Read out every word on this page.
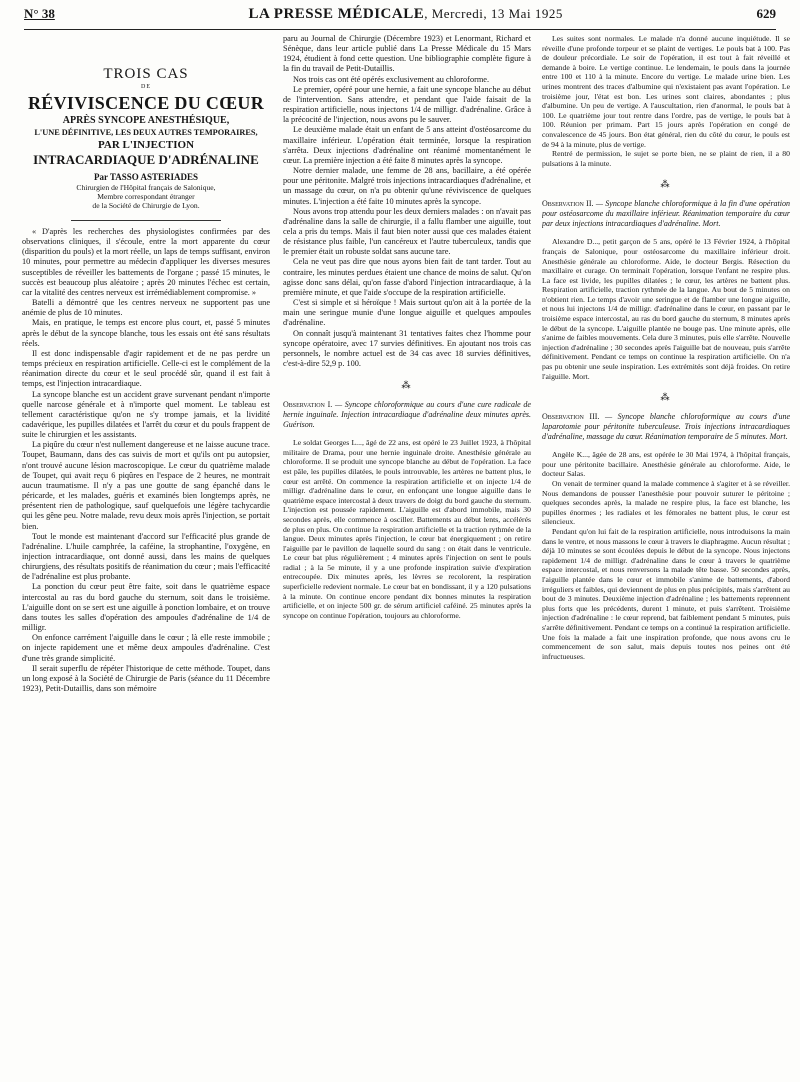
N° 38	LA PRESSE MÉDICALE, Mercredi, 13 Mai 1925	629
TROIS CAS
DE
RÉVIVISCENCE DU CŒUR
APRÈS SYNCOPE ANESTHÉSIQUE,
L'UNE DÉFINITIVE, LES DEUX AUTRES TEMPORAIRES,
PAR L'INJECTION
INTRACARDIAQUE D'ADRÉNALINE
Par TASSO ASTERIADES
Chirurgien de l'Hôpital français de Salonique,
Membre correspondant étranger
de la Société de Chirurgie de Lyon.

« D'après les recherches des physiologistes confirmées par des observations cliniques, il s'écoule, entre la mort apparente du cœur (disparition du pouls) et la mort réelle, un laps de temps suffisant, environ 10 minutes, pour permettre au médecin d'appliquer les diverses mesures susceptibles de réveiller les battements de l'organe ; passé 15 minutes, le succès est beaucoup plus aléatoire ; après 20 minutes l'échec est certain, car la vitalité des centres nerveux est irrémédiablement compromise. »

Batelli a démontré que les centres nerveux ne supportent pas une anémie de plus de 10 minutes.

Mais, en pratique, le temps est encore plus court, et, passé 5 minutes après le début de la syncope blanche, tous les essais ont été sans résultats réels.

Il est donc indispensable d'agir rapidement et de ne pas perdre un temps précieux en respiration artificielle. Celle-ci est le complément de la réanimation directe du cœur et le seul procédé sûr, quand il est fait à temps, est l'injection intracardiaque.

La syncope blanche est un accident grave survenant pendant n'importe quelle narcose générale et à n'importe quel moment. Le tableau est tellement caractéristique qu'on ne s'y trompe jamais, et la lividité cadavérique, les pupilles dilatées et l'arrêt du cœur et du pouls frappent de suite le chirurgien et les assistants.

La piqûre du cœur n'est nullement dangereuse et ne laisse aucune trace. Toupet, Baumann, dans des cas suivis de mort et qu'ils ont pu autopsier, n'ont trouvé aucune lésion macroscopique. Le cœur du quatrième malade de Toupet, qui avait reçu 6 piqûres en l'espace de 2 heures, ne montrait aucun traumatisme. Il n'y a pas une goutte de sang épanché dans le péricarde, et les malades, guéris et examinés bien longtemps après, ne présentent rien de pathologique, sauf quelquefois une légère tachycardie qui les gêne peu. Notre malade, revu deux mois après l'injection, se portait bien.

Tout le monde est maintenant d'accord sur l'efficacité plus grande de l'adrénaline. L'huile camphrée, la caféine, la strophantine, l'oxygène, en injection intracardiaque, ont donné aussi, dans les mains de quelques chirurgiens, des résultats positifs de réanimation du cœur ; mais l'efficacité de l'adrénaline est plus probante.

La ponction du cœur peut être faite, soit dans le quatrième espace intercostal au ras du bord gauche du sternum, soit dans le troisième. L'aiguille dont on se sert est une aiguille à ponction lombaire, et on trouve dans toutes les salles d'opération des ampoules d'adrénaline de 1/4 de milligr.

On enfonce carrément l'aiguille dans le cœur ; là elle reste immobile ; on injecte rapidement une et même deux ampoules d'adrénaline. C'est d'une très grande simplicité.

Il serait superflu de répéter l'historique de cette méthode. Toupet, dans un long exposé à la Société de Chirurgie de Paris (séance du 11 Décembre 1923), Petit-Dutaillis, dans son mémoire

paru au Journal de Chirurgie (Décembre 1923) et Lenormant, Richard et Sénèque, dans leur article publié dans La Presse Médicale du 15 Mars 1924, étudient à fond cette question. Une bibliographie complète figure à la fin du travail de Petit-Dutaillis.

Nos trois cas ont été opérés exclusivement au chloroforme.

Le premier, opéré pour une hernie, a fait une syncope blanche au début de l'intervention. Sans attendre, et pendant que l'aide faisait de la respiration artificielle, nous injectons 1/4 de milligr. d'adrénaline. Grâce à la précocité de l'injection, nous avons pu le sauver.

Le deuxième malade était un enfant de 5 ans atteint d'ostéosarcome du maxillaire inférieur. L'opération était terminée, lorsque la respiration s'arrêta. Deux injections d'adrénaline ont réanimé momentanément le cœur. La première injection a été faite 8 minutes après la syncope.

Notre dernier malade, une femme de 28 ans, bacillaire, a été opérée pour une péritonite. Malgré trois injections intracardiaques d'adrénaline, et un massage du cœur, on n'a pu obtenir qu'une réviviscence de quelques minutes. L'injection a été faite 10 minutes après la syncope.

Nous avons trop attendu pour les deux derniers malades : on n'avait pas d'adrénaline dans la salle de chirurgie, il a fallu flamber une aiguille, tout cela a pris du temps. Mais il faut bien noter aussi que ces malades étaient de résistance plus faible, l'un cancéreux et l'autre tuberculeux, tandis que le premier était un robuste soldat sans aucune tare.

Cela ne veut pas dire que nous ayons bien fait de tant tarder. Tout au contraire, les minutes perdues étaient une chance de moins de salut. Qu'on agisse donc sans délai, qu'on fasse d'abord l'injection intracardiaque, à la première minute, et que l'aide s'occupe de la respiration artificielle.

C'est si simple et si héroïque ! Mais surtout qu'on ait à la portée de la main une seringue munie d'une longue aiguille et quelques ampoules d'adrénaline.

On connaît jusqu'à maintenant 31 tentatives faites chez l'homme pour syncope opératoire, avec 17 survies définitives. En ajoutant nos trois cas personnels, le nombre actuel est de 34 cas avec 18 survies définitives, c'est-à-dire 52,9 p. 100.

⁂
Observation I. — Syncope chloroformique au cours d'une cure radicale de hernie inguinale. Injection intracardiaque d'adrénaline deux minutes après. Guérison.

Le soldat Georges L..., âgé de 22 ans, est opéré le 23 Juillet 1923, à l'hôpital militaire de Drama, pour une hernie inguinale droite. Anesthésie générale au chloroforme. Il se produit une syncope blanche au début de l'opération. La face est pâle, les pupilles dilatées, le pouls introuvable, les artères ne battent plus, le cœur est arrêté. On commence la respiration artificielle et on injecte 1/4 de milligr. d'adrénaline dans le cœur, en enfonçant une longue aiguille dans le quatrième espace intercostal à deux travers de doigt du bord gauche du sternum. L'injection est poussée rapidement. L'aiguille est d'abord immobile, mais 30 secondes après, elle commence à osciller. Battements au début lents, accélérés de plus en plus. On continue la respiration artificielle et la traction rythmée de la langue. Deux minutes après l'injection, le cœur bat énergiquement ; on retire l'aiguille par le pavillon de laquelle sourd du sang : on était dans le ventricule. Le cœur bat plus régulièrement ; 4 minutes après l'injection on sent le pouls radial ; à la 5e minute, il y a une profonde inspiration suivie d'expiration entrecoupée. Dix minutes après, les lèvres se recolorent, la respiration superficielle redevient normale. Le cœur bat en bondissant, il y a 120 pulsations à la minute. On continue encore pendant dix bonnes minutes la respiration artificielle, et on injecte 500 gr. de sérum artificiel caféiné. 25 minutes après la syncope on continue l'opération, toujours au chloroforme.

Les suites sont normales. Le malade n'a donné aucune inquiétude. Il se réveille d'une profonde torpeur et se plaint de vertiges. Le pouls bat à 100. Pas de douleur précordiale. Le soir de l'opération, il est tout à fait réveillé et demande à boire. Le vertige continue. Le lendemain, le pouls dans la journée entre 100 et 110 à la minute. Encore du vertige. Le malade urine bien. Les urines montrent des traces d'albumine qui n'existaient pas avant l'opération. Le troisième jour, l'état est bon. Les urines sont claires, abondantes ; plus d'albumine. Un peu de vertige. A l'auscultation, rien d'anormal, le pouls bat à 100. Le quatrième jour tout rentre dans l'ordre, pas de vertige, le pouls bat à 100. Réunion per primam. Part 15 jours après l'opération en congé de convalescence de 45 jours. Bon état général, rien du côté du cœur, le pouls est de 94 à la minute, plus de vertige.

Rentré de permission, le sujet se porte bien, ne se plaint de rien, il a 80 pulsations à la minute.

⁂
Observation II. — Syncope blanche chloroformique à la fin d'une opération pour ostéosarcome du maxillaire inférieur. Réanimation temporaire du cœur par deux injections intracardiaques d'adrénaline. Mort.

Alexandre D..., petit garçon de 5 ans, opéré le 13 Février 1924, à l'hôpital français de Salonique, pour ostéosarcome du maxillaire inférieur droit. Anesthésie générale au chloroforme. Aide, le docteur Bergis. Résection du maxillaire et curage. On terminait l'opération, lorsque l'enfant ne respire plus. La face est livide, les pupilles dilatées ; le cœur, les artères ne battent plus. Respiration artificielle, traction rythmée de la langue. Au bout de 5 minutes on n'obtient rien. Le temps d'avoir une seringue et de flamber une longue aiguille, et nous lui injectons 1/4 de milligr. d'adrénaline dans le cœur, en passant par le troisième espace intercostal, au ras du bord gauche du sternum, 8 minutes après le début de la syncope. L'aiguille plantée ne bouge pas. Une minute après, elle s'anime de faibles mouvements. Cela dure 3 minutes, puis elle s'arrête. Nouvelle injection d'adrénaline ; 30 secondes après l'aiguille bat de nouveau, puis s'arrête définitivement. Pendant ce temps on continue la respiration artificielle. On n'a pas pu obtenir une seule inspiration. Les extrémités sont déjà froides. On retire l'aiguille. Mort.

⁂
Observation III. — Syncope blanche chloroformique au cours d'une laparotomie pour péritonite tuberculeuse. Trois injections intracardiaques d'adrénaline, massage du cœur. Réanimation temporaire de 5 minutes. Mort.

Angèle K..., âgée de 28 ans, est opérée le 30 Mai 1974, à l'hôpital français, pour une péritonite bacillaire. Anesthésie générale au chloroforme. Aide, le docteur Salas.

On venait de terminer quand la malade commence à s'agiter et à se réveiller. Nous demandons de pousser l'anesthésie pour pouvoir suturer le péritoine ; quelques secondes après, la malade ne respire plus, la face est blanche, les pupilles énormes ; les radiales et les fémorales ne battent plus, le cœur est silencieux.

Pendant qu'on lui fait de la respiration artificielle, nous introduisons la main dans le ventre, et nous massons le cœur à travers le diaphragme. Aucun résultat ; déjà 10 minutes se sont écoulées depuis le début de la syncope. Nous injectons rapidement 1/4 de milligr. d'adrénaline dans le cœur à travers le quatrième espace intercostal, et nous renversons la malade tête basse. 50 secondes après, l'aiguille plantée dans le cœur et immobile s'anime de battements, d'abord irréguliers et faibles, qui deviennent de plus en plus précipités, mais s'arrêtent au bout de 3 minutes. Deuxième injection d'adrénaline ; les battements reprennent plus forts que les précédents, durent 1 minute, et puis s'arrêtent. Troisième injection d'adrénaline : le cœur reprend, bat faiblement pendant 5 minutes, puis s'arrête définitivement. Pendant ce temps on a continué la respiration artificielle. Une fois la malade a fait une inspiration profonde, que nous avons cru le commencement de son salut, mais depuis toutes nos peines ont été infructueuses.
